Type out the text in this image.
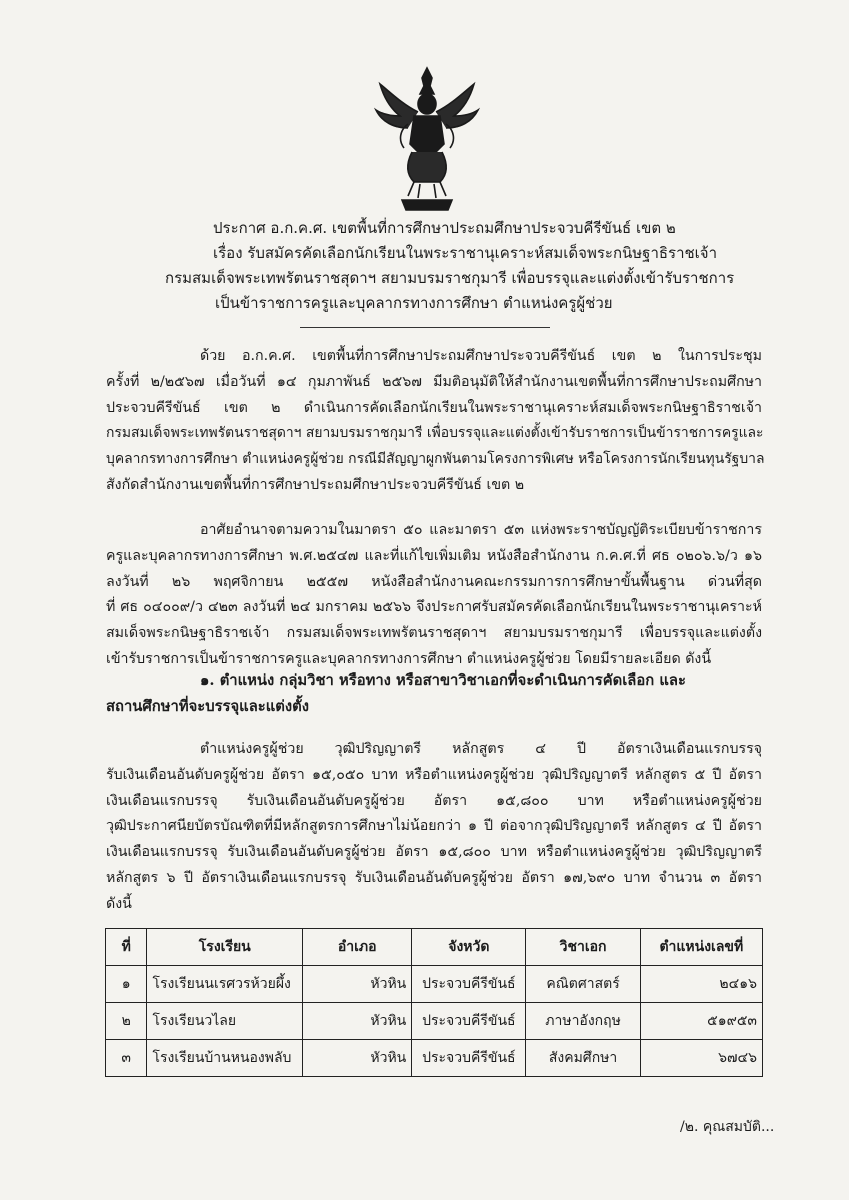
ประกาศ อ.ก.ค.ศ. เขตพื้นที่การศึกษาประถมศึกษาประจวบคีรีขันธ์ เขต ๒
เรื่อง รับสมัครคัดเลือกนักเรียนในพระราชานุเคราะห์สมเด็จพระกนิษฐาธิราชเจ้า
กรมสมเด็จพระเทพรัตนราชสุดาฯ สยามบรมราชกุมารี เพื่อบรรจุและแต่งตั้งเข้ารับราชการ
เป็นข้าราชการครูและบุคลากรทางการศึกษา ตำแหน่งครูผู้ช่วย
ด้วย อ.ก.ค.ศ. เขตพื้นที่การศึกษาประถมศึกษาประจวบคีรีขันธ์ เขต ๒ ในการประชุม
ครั้งที่ ๒/๒๕๖๗ เมื่อวันที่ ๑๔ กุมภาพันธ์ ๒๕๖๗ มีมติอนุมัติให้สำนักงานเขตพื้นที่การศึกษาประถมศึกษา
ประจวบคีรีขันธ์ เขต ๒ ดำเนินการคัดเลือกนักเรียนในพระราชานุเคราะห์สมเด็จพระกนิษฐาธิราชเจ้า
กรมสมเด็จพระเทพรัตนราชสุดาฯ สยามบรมราชกุมารี เพื่อบรรจุและแต่งตั้งเข้ารับราชการเป็นข้าราชการครูและ
บุคลากรทางการศึกษา ตำแหน่งครูผู้ช่วย กรณีมีสัญญาผูกพันตามโครงการพิเศษ หรือโครงการนักเรียนทุนรัฐบาล
สังกัดสำนักงานเขตพื้นที่การศึกษาประถมศึกษาประจวบคีรีขันธ์ เขต ๒
อาศัยอำนาจตามความในมาตรา ๕๐ และมาตรา ๕๓ แห่งพระราชบัญญัติระเบียบข้าราชการ
ครูและบุคลากรทางการศึกษา พ.ศ.๒๕๔๗ และที่แก้ไขเพิ่มเติม หนังสือสำนักงาน ก.ค.ศ.ที่ ศธ ๐๒๐๖.๖/ว ๑๖
ลงวันที่ ๒๖ พฤศจิกายน ๒๕๕๗ หนังสือสำนักงานคณะกรรมการการศึกษาขั้นพื้นฐาน ด่วนที่สุด
ที่ ศธ ๐๔๐๐๙/ว ๔๒๓ ลงวันที่ ๒๔ มกราคม ๒๕๖๖ จึงประกาศรับสมัครคัดเลือกนักเรียนในพระราชานุเคราะห์
สมเด็จพระกนิษฐาธิราชเจ้า กรมสมเด็จพระเทพรัตนราชสุดาฯ สยามบรมราชกุมารี เพื่อบรรจุและแต่งตั้ง
เข้ารับราชการเป็นข้าราชการครูและบุคลากรทางการศึกษา ตำแหน่งครูผู้ช่วย โดยมีรายละเอียด ดังนี้
๑. ตำแหน่ง กลุ่มวิชา หรือทาง หรือสาขาวิชาเอกที่จะดำเนินการคัดเลือก และ
สถานศึกษาที่จะบรรจุและแต่งตั้ง
ตำแหน่งครูผู้ช่วย วุฒิปริญญาตรี หลักสูตร ๔ ปี อัตราเงินเดือนแรกบรรจุ
รับเงินเดือนอันดับครูผู้ช่วย อัตรา ๑๕,๐๕๐ บาท หรือตำแหน่งครูผู้ช่วย วุฒิปริญญาตรี หลักสูตร ๕ ปี อัตรา
เงินเดือนแรกบรรจุ รับเงินเดือนอันดับครูผู้ช่วย อัตรา ๑๕,๘๐๐ บาท หรือตำแหน่งครูผู้ช่วย
วุฒิประกาศนียบัตรบัณฑิตที่มีหลักสูตรการศึกษาไม่น้อยกว่า ๑ ปี ต่อจากวุฒิปริญญาตรี หลักสูตร ๔ ปี อัตรา
เงินเดือนแรกบรรจุ รับเงินเดือนอันดับครูผู้ช่วย อัตรา ๑๕,๘๐๐ บาท หรือตำแหน่งครูผู้ช่วย วุฒิปริญญาตรี
หลักสูตร ๖ ปี อัตราเงินเดือนแรกบรรจุ รับเงินเดือนอันดับครูผู้ช่วย อัตรา ๑๗,๖๙๐ บาท จำนวน ๓ อัตรา
ดังนี้
ที่	โรงเรียน	อำเภอ	จังหวัด	วิชาเอก	ตำแหน่งเลขที่
๑	โรงเรียนนเรศวรห้วยผึ้ง	หัวหิน	ประจวบคีรีขันธ์	คณิตศาสตร์	๒๔๑๖
๒	โรงเรียนวไลย	หัวหิน	ประจวบคีรีขันธ์	ภาษาอังกฤษ	๕๑๙๕๓
๓	โรงเรียนบ้านหนองพลับ	หัวหิน	ประจวบคีรีขันธ์	สังคมศึกษา	๖๗๔๖
/๒. คุณสมบัติ...
